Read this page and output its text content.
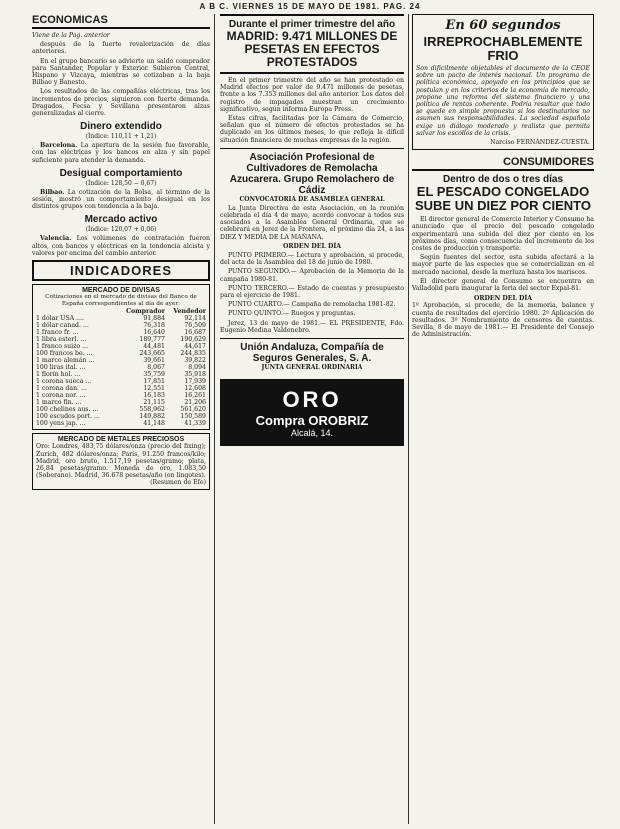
A B C. VIERNES 15 DE MAYO DE 1981. PAG. 24
ECONOMICAS
Viene de la Pag. anterior

después de la fuerte revalorización de días anteriores.

En el grupo bancario se advierte un saldo comprador para Santander, Popular y Exterior. Subieron Central, Hispano y Vizcaya, mientras se cotizaban a la baja Bilbao y Banesto.

Los resultados de las compañías eléctricas, tras los incrementos de precios, siguieron con fuerte demanda. Dragados, Fecsa y Sevillana presentaron alzas generalizadas al cierre.

Dinero extendido
(Índice: 110,11 + 1,21)

Barcelona. La apertura de la sesión fue favorable, con las eléctricas y los bancos en alza y sin papel suficiente para atender la demanda.

Desigual comportamiento
(Índice: 128,50 − 0,67)

Bilbao. La cotización de la Bolsa, al término de la sesión, mostró un comportamiento desigual en los distintos grupos con tendencia a la baja.

Mercado activo
(Índice: 120,07 + 0,06)

Valencia. Los volúmenes de contratación fueron altos, con bancos y eléctricas en la tendencia alcista y valores por encima del cambio anterior.

INDICADORES
MERCADO DE DIVISAS
Cotizaciones en el mercado de divisas del Banco de España correspondientes al día de ayer:
	Comprador	Vendedor
1 dólar USA ....	91,884	92,114
1 dólar canad. ...	76,318	76,509
1 franco fr. ...	16,640	16,687
1 libra esterl. ...	189,777	190,629
1 franco suizo ...	44,481	44,617
100 francos be. ...	243,665	244,835
1 marco alemán ...	39,661	39,822
100 liras ital. ...	8,067	8,094
1 florín hol. ...	35,759	35,918
1 corona sueca ...	17,851	17,939
1 corona dan. ...	12,551	12,608
1 corona nor. ...	16,183	16,261
1 marco fin. ...	21,115	21,206
100 chelines aus. ...	558,962	561,620
100 escudos port. ...	149,882	150,589
100 yens jap. ...	41,148	41,339
MERCADO DE METALES PRECIOSOS
Oro: Londres, 483,75 dólares/onza (precio del fixing); Zurich, 482 dólares/onza; París, 91.250 francos/kilo; Madrid, oro bruto, 1.517,19 pesetas/gramo; plata, 26,84 pesetas/gramo. Moneda de oro, 1.083,50 (Soberano). Madrid, 36.678 pesetas/año (en lingotes).
(Resumen de Efe)
Durante el primer trimestre del año
MADRID: 9.471 MILLONES DE PESETAS EN EFECTOS PROTESTADOS

En el primer trimestre del año se han protestado en Madrid efectos por valor de 9.471 millones de pesetas, frente a los 7.353 millones del año anterior. Los datos del registro de impagados muestran un crecimiento significativo, según informa Europa Press.

Estas cifras, facilitadas por la Cámara de Comercio, señalan que el número de efectos protestados se ha duplicado en los últimos meses, lo que refleja la difícil situación financiera de muchas empresas de la región.

Asociación Profesional de Cultivadores de Remolacha Azucarera. Grupo Remolachero de Cádiz
CONVOCATORIA DE ASAMBLEA GENERAL

La Junta Directiva de esta Asociación, en la reunión celebrada el día 4 de mayo, acordó convocar a todos sus asociados a la Asamblea General Ordinaria, que se celebrará en Jerez de la Frontera, el próximo día 24, a las DIEZ Y MEDIA DE LA MAÑANA.

ORDEN DEL DÍA

PUNTO PRIMERO.— Lectura y aprobación, si procede, del acta de la Asamblea del 18 de junio de 1980.

PUNTO SEGUNDO.— Aprobación de la Memoria de la campaña 1980-81.

PUNTO TERCERO.— Estado de cuentas y presupuesto para el ejercicio de 1981.

PUNTO CUARTO.— Campaña de remolacha 1981-82.

PUNTO QUINTO.— Ruegos y preguntas.

Jerez, 13 de mayo de 1981.— EL PRESIDENTE, Fdo. Eugenio Medina Valdenebro.

Unión Andaluza, Compañía de Seguros Generales, S. A.
JUNTA GENERAL ORDINARIA
ORO
Compra OROBRIZ
Alcalá, 14.
En 60 segundos
IRREPROCHABLEMENTE FRIO
Son dificilmente objetables el documento de la CEOE sobre un pacto de interés nacional. Un programa de política económica, apoyado en los principios que se postulan y en los criterios de la economía de mercado, propone una reforma del sistema financiero y una política de rentas coherente. Podría resultar que todo se quede en simple propuesta si los destinatarios no asumen sus responsabilidades. La sociedad española exige un diálogo moderado y realista que permita salvar los escollos de la crisis.
Narciso FERNÁNDEZ-CUESTA.
CONSUMIDORES
Dentro de dos o tres días
EL PESCADO CONGELADO SUBE UN DIEZ POR CIENTO

El director general de Comercio Interior y Consumo ha anunciado que el precio del pescado congelado experimentará una subida del diez por ciento en los próximos días, como consecuencia del incremento de los costes de producción y transporte.

Según fuentes del sector, esta subida afectará a la mayor parte de las especies que se comercializan en el mercado nacional, desde la merluza hasta los mariscos.

El director general de Consumo se encuentra en Valladolid para inaugurar la feria del sector Expal-81.

ORDEN DEL DÍA
1º Aprobación, si procede, de la memoria, balance y cuenta de resultados del ejercicio 1980. 2º Aplicación de resultados. 3º Nombramiento de censores de cuentas. Sevilla, 8 de mayo de 1981.— El Presidente del Consejo de Administración.
